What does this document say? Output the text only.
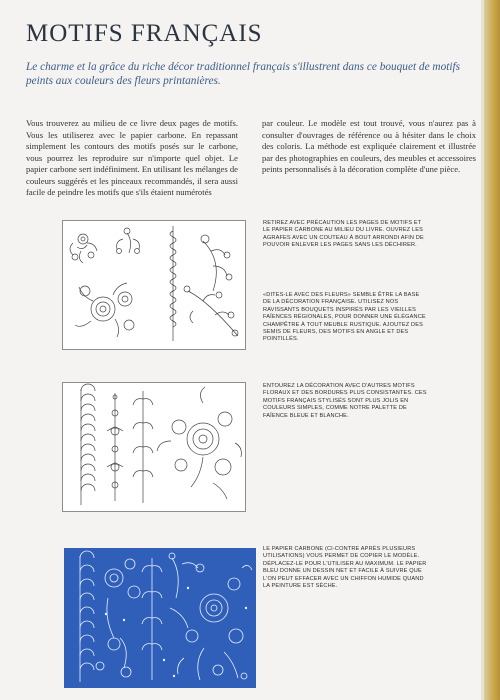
MOTIFS FRANÇAIS
Le charme et la grâce du riche décor traditionnel français s'illustrent dans ce bouquet de motifs peints aux couleurs des fleurs printanières.
Vous trouverez au milieu de ce livre deux pages de motifs. Vous les utiliserez avec le papier carbone. En repassant simplement les contours des motifs posés sur le carbone, vous pourrez les reproduire sur n'importe quel objet. Le papier carbone sert indéfiniment. En utilisant les mélanges de couleurs suggérés et les pinceaux recommandés, il sera aussi facile de peindre les motifs que s'ils étaient numérotés
par couleur. Le modèle est tout trouvé, vous n'aurez pas à consulter d'ouvrages de référence ou à hésiter dans le choix des coloris. La méthode est expliquée clairement et illustrée par des photographies en couleurs, des meubles et accessoires peints personnalisés à la décoration complète d'une pièce.
RETIREZ AVEC PRÉCAUTION LES PAGES DE MOTIFS ET LE PAPIER CARBONE AU MILIEU DU LIVRE. OUVREZ LES AGRAFES AVEC UN COUTEAU À BOUT ARRONDI AFIN DE POUVOIR ENLEVER LES PAGES SANS LES DÉCHIRER.
«DITES-LE AVEC DES FLEURS» SEMBLE ÊTRE LA BASE DE LA DÉCORATION FRANÇAISE. UTILISEZ NOS RAVISSANTS BOUQUETS INSPIRÉS PAR LES VIEILLES FAÏENCES RÉGIONALES, POUR DONNER UNE ÉLÉGANCE CHAMPÊTRE À TOUT MEUBLE RUSTIQUE. AJOUTEZ DES SEMIS DE FLEURS, DES MOTIFS EN ANGLE ET DES POINTILLÉS.
ENTOUREZ LA DÉCORATION AVEC D'AUTRES MOTIFS FLORAUX ET DES BORDURES PLUS CONSISTANTES. CES MOTIFS FRANÇAIS STYLISÉS SONT PLUS JOLIS EN COULEURS SIMPLES, COMME NOTRE PALETTE DE FAÏENCE BLEUE ET BLANCHE.
LE PAPIER CARBONE (CI-CONTRE APRÈS PLUSIEURS UTILISATIONS) VOUS PERMET DE COPIER LE MODÈLE. DÉPLACEZ-LE POUR L'UTILISER AU MAXIMUM. LE PAPIER BLEU DONNE UN DESSIN NET ET FACILE À SUIVRE QUE L'ON PEUT EFFACER AVEC UN CHIFFON HUMIDE QUAND LA PEINTURE EST SÈCHE.
